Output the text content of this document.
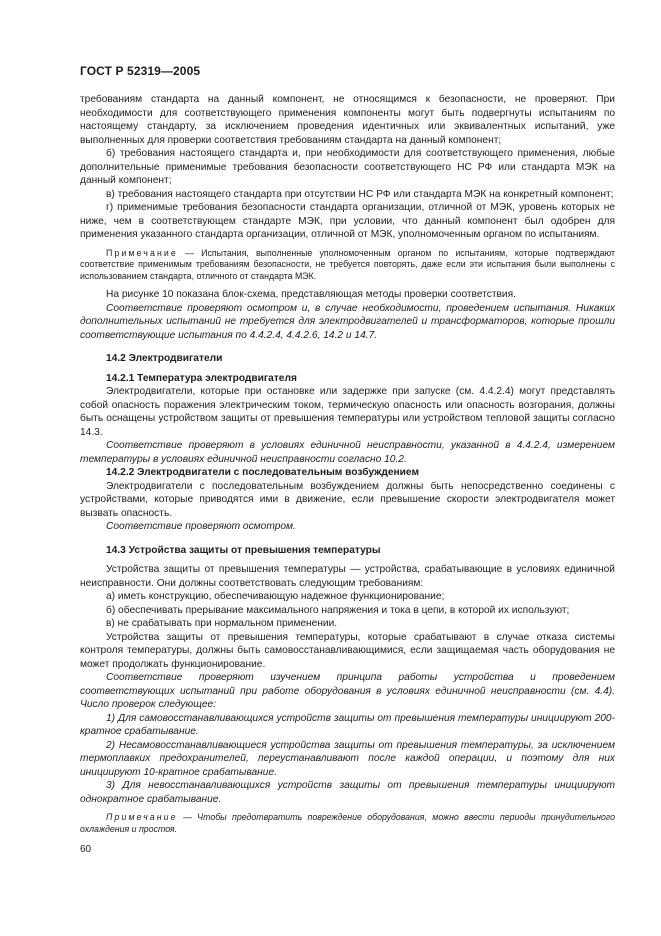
ГОСТ Р 52319—2005

требованиям стандарта на данный компонент, не относящимся к безопасности, не проверяют. При необходимости для соответствующего применения компоненты могут быть подвергнуты испытаниям по настоящему стандарту, за исключением проведения идентичных или эквивалентных испытаний, уже выполненных для проверки соответствия требованиям стандарта на данный компонент;

б) требования настоящего стандарта и, при необходимости для соответствующего применения, любые дополнительные применимые требования безопасности соответствующего НС РФ или стандарта МЭК на данный компонент;

в) требования настоящего стандарта при отсутствии НС РФ или стандарта МЭК на конкретный компонент;

г) применимые требования безопасности стандарта организации, отличной от МЭК, уровень которых не ниже, чем в соответствующем стандарте МЭК, при условии, что данный компонент был одобрен для применения указанного стандарта организации, отличной от МЭК, уполномоченным органом по испытаниям.

Примечание — Испытания, выполненные уполномоченным органом по испытаниям, которые подтверждают соответствие применимым требованиям безопасности, не требуется повторять, даже если эти испытания были выполнены с использованием стандарта, отличного от стандарта МЭК.

На рисунке 10 показана блок-схема, представляющая методы проверки соответствия.

Соответствие проверяют осмотром и, в случае необходимости, проведением испытания. Никаких дополнительных испытаний не требуется для электродвигателей и трансформаторов, которые прошли соответствующие испытания по 4.4.2.4, 4.4.2.6, 14.2 и 14.7.

14.2 Электродвигатели

14.2.1 Температура электродвигателя

Электродвигатели, которые при остановке или задержке при запуске (см. 4.4.2.4) могут представлять собой опасность поражения электрическим током, термическую опасность или опасность возгорания, должны быть оснащены устройством защиты от превышения температуры или устройством тепловой защиты согласно 14.3.

Соответствие проверяют в условиях единичной неисправности, указанной в 4.4.2.4, измерением температуры в условиях единичной неисправности согласно 10.2.

14.2.2 Электродвигатели с последовательным возбуждением

Электродвигатели с последовательным возбуждением должны быть непосредственно соединены с устройствами, которые приводятся ими в движение, если превышение скорости электродвигателя может вызвать опасность.

Соответствие проверяют осмотром.

14.3 Устройства защиты от превышения температуры

Устройства защиты от превышения температуры — устройства, срабатывающие в условиях единичной неисправности. Они должны соответствовать следующим требованиям:

а) иметь конструкцию, обеспечивающую надежное функционирование;

б) обеспечивать прерывание максимального напряжения и тока в цепи, в которой их используют;

в) не срабатывать при нормальном применении.

Устройства защиты от превышения температуры, которые срабатывают в случае отказа системы контроля температуры, должны быть самовосстанавливающимися, если защищаемая часть оборудования не может продолжать функционирование.

Соответствие проверяют изучением принципа работы устройства и проведением соответствующих испытаний при работе оборудования в условиях единичной неисправности (см. 4.4). Число проверок следующее:

1) Для самовосстанавливающихся устройств защиты от превышения температуры инициируют 200-кратное срабатывание.

2) Несамовосстанавливающиеся устройства защиты от превышения температуры, за исключением термоплавких предохранителей, переустанавливают после каждой операции, и поэтому для них инициируют 10-кратное срабатывание.

3) Для невосстанавливающихся устройств защиты от превышения температуры инициируют однократное срабатывание.

Примечание — Чтобы предотвратить повреждение оборудования, можно ввести периоды принудительного охлаждения и простоя.

60
